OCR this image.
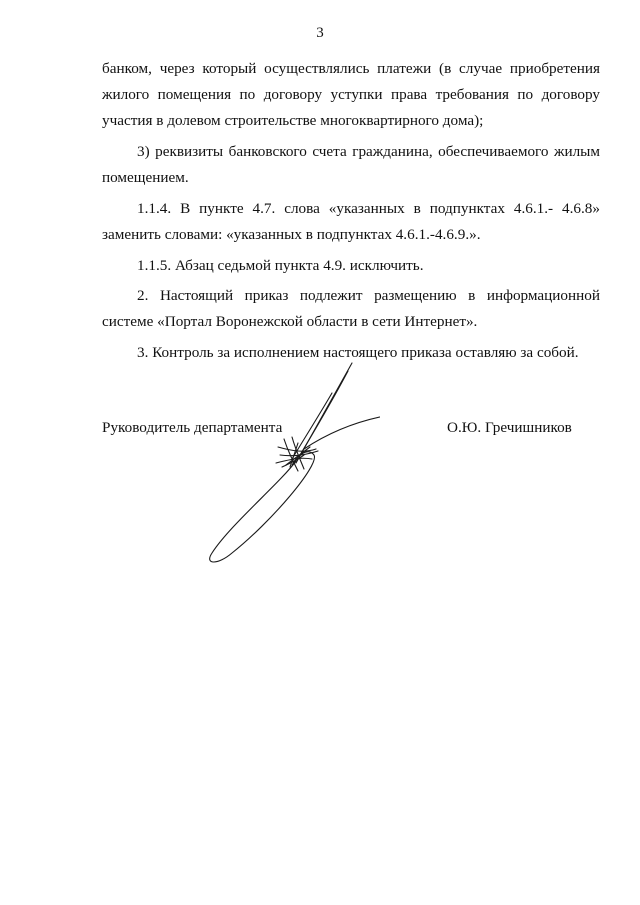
3

банком, через который осуществлялись платежи (в случае приобретения жилого помещения по договору уступки права требования по договору участия в долевом строительстве многоквартирного дома);

3) реквизиты банковского счета гражданина, обеспечиваемого жилым помещением.

1.1.4. В пункте 4.7. слова «указанных в подпунктах 4.6.1.- 4.6.8» заменить словами: «указанных в подпунктах 4.6.1.-4.6.9.».

1.1.5. Абзац седьмой пункта 4.9. исключить.

2. Настоящий приказ подлежит размещению в информационной системе «Портал Воронежской области в сети Интернет».

3. Контроль за исполнением настоящего приказа оставляю за собой.

Руководитель департамента	О.Ю. Гречишников
